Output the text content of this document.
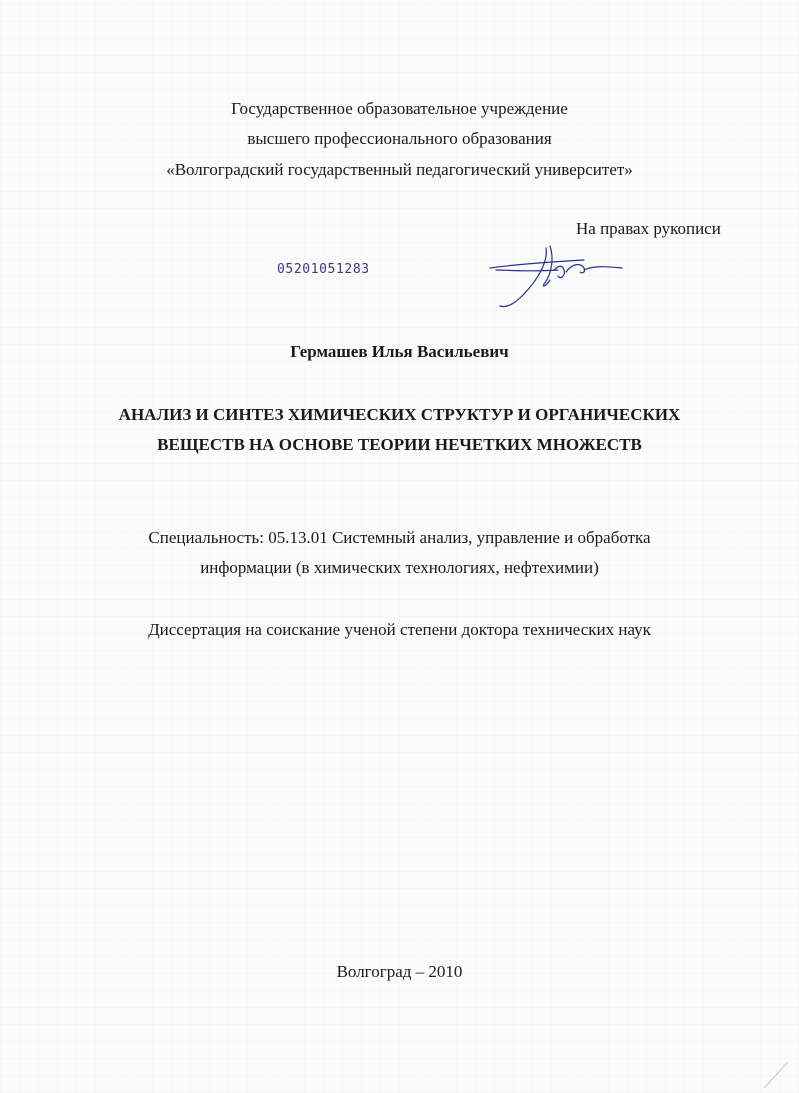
Государственное образовательное учреждение
высшего профессионального образования
«Волгоградский государственный педагогический университет»
На правах рукописи
05201051283
Гермашев Илья Васильевич
АНАЛИЗ И СИНТЕЗ ХИМИЧЕСКИХ СТРУКТУР И ОРГАНИЧЕСКИХ
ВЕЩЕСТВ НА ОСНОВЕ ТЕОРИИ НЕЧЕТКИХ МНОЖЕСТВ
Специальность: 05.13.01 Системный анализ, управление и обработка
информации (в химических технологиях, нефтехимии)
Диссертация на соискание ученой степени доктора технических наук
Волгоград – 2010
